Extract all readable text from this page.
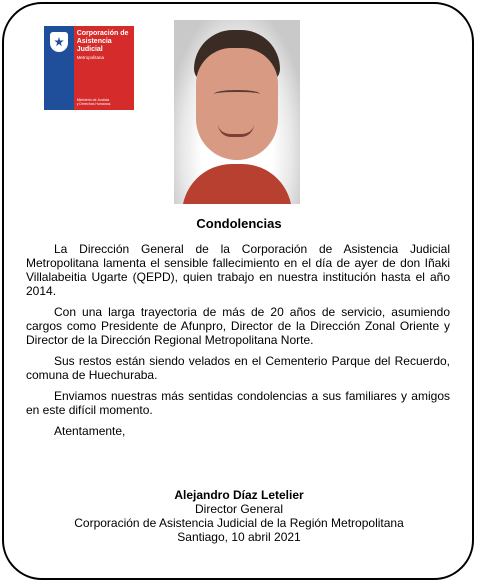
Corporación de Asistencia
Judicial
Metropolitana
Ministerio de Justicia
y Derechos Humanos
Condolencias

La Dirección General de la Corporación de Asistencia Judicial Metropolitana lamenta el sensible fallecimiento en el día de ayer de don Iñaki Villalabeitia Ugarte (QEPD), quien trabajo en nuestra institución hasta el año 2014.

Con una larga trayectoria de más de 20 años de servicio, asumiendo cargos como Presidente de Afunpro, Director de la Dirección Zonal Oriente y Director de la Dirección Regional Metropolitana Norte.

Sus restos están siendo velados en el Cementerio Parque del Recuerdo, comuna de Huechuraba.

Enviamos nuestras más sentidas condolencias a sus familiares y amigos en este difícil momento.

Atentamente,

Alejandro Díaz Letelier
Director General
Corporación de Asistencia Judicial de la Región Metropolitana
Santiago, 10 abril 2021
